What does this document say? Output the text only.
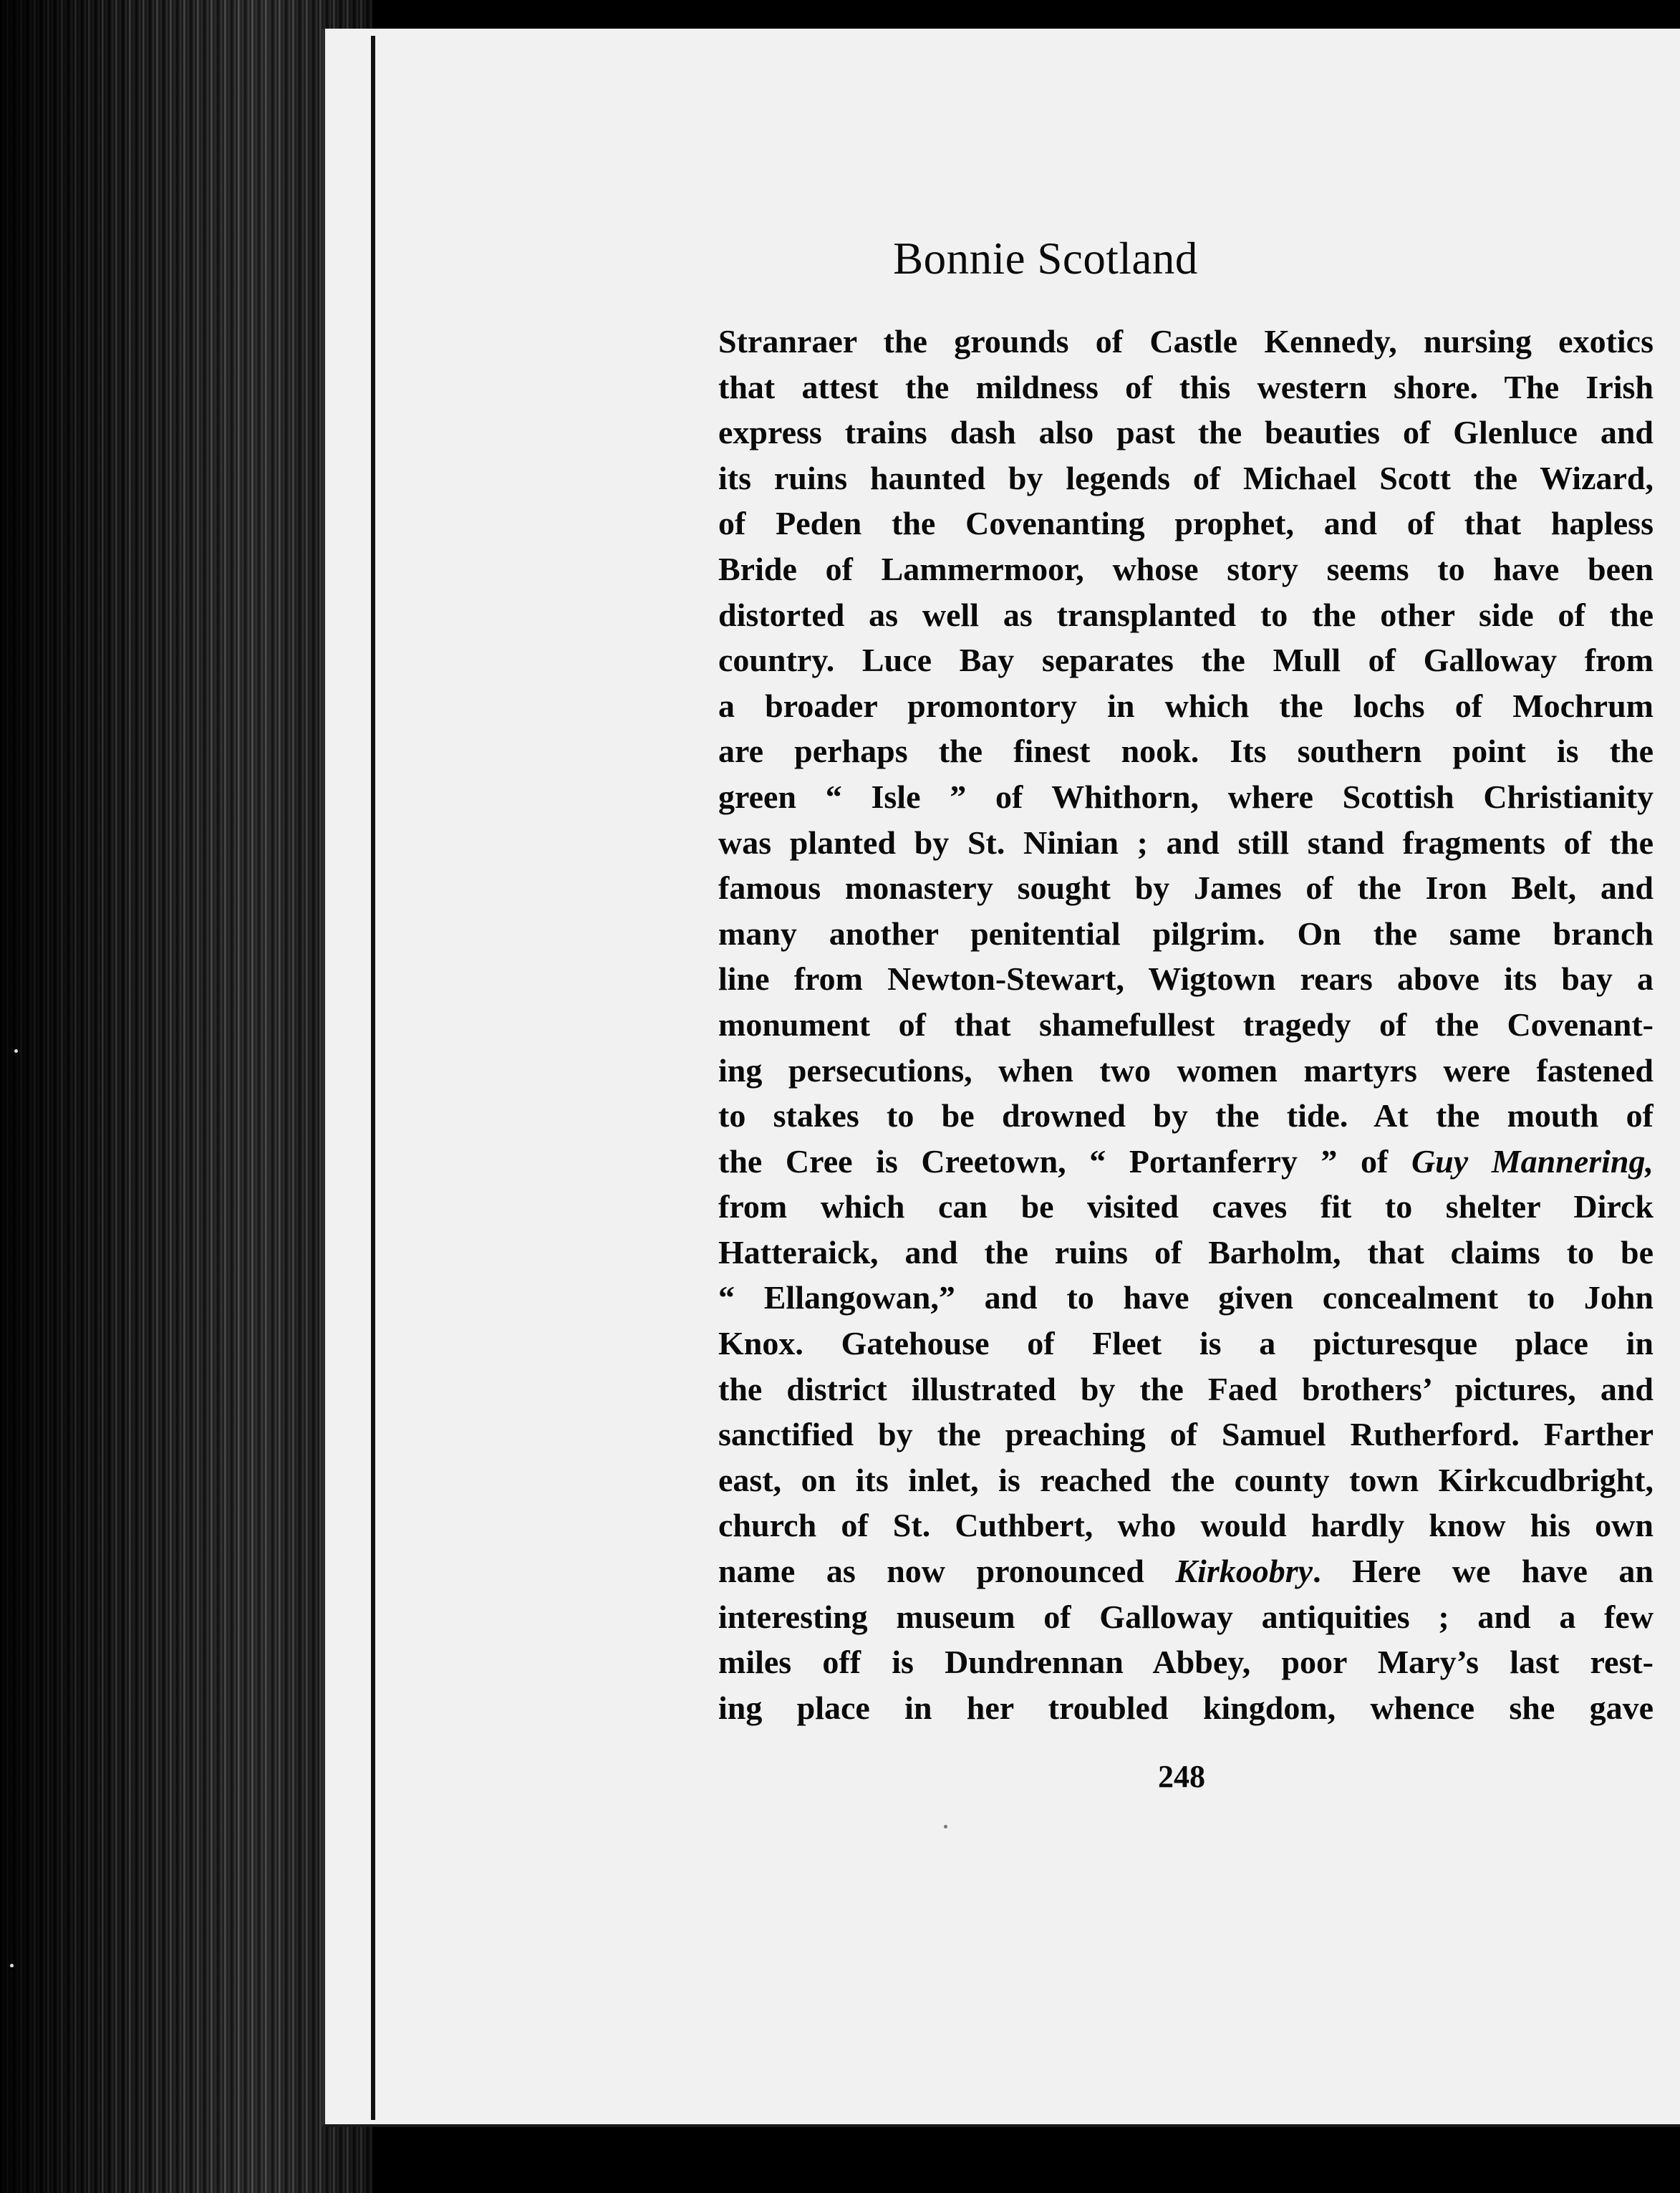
Bonnie Scotland
Stranraer the grounds of Castle Kennedy, nursing exotics
that attest the mildness of this western shore. The Irish
express trains dash also past the beauties of Glenluce and
its ruins haunted by legends of Michael Scott the Wizard,
of Peden the Covenanting prophet, and of that hapless
Bride of Lammermoor, whose story seems to have been
distorted as well as transplanted to the other side of the
country. Luce Bay separates the Mull of Galloway from
a broader promontory in which the lochs of Mochrum
are perhaps the finest nook. Its southern point is the
green “ Isle ” of Whithorn, where Scottish Christianity
was planted by St. Ninian ; and still stand fragments of the
famous monastery sought by James of the Iron Belt, and
many another penitential pilgrim. On the same branch
line from Newton-Stewart, Wigtown rears above its bay a
monument of that shamefullest tragedy of the Covenant-
ing persecutions, when two women martyrs were fastened
to stakes to be drowned by the tide. At the mouth of
the Cree is Creetown, “ Portanferry ” of Guy Mannering,
from which can be visited caves fit to shelter Dirck
Hatteraick, and the ruins of Barholm, that claims to be
“ Ellangowan,” and to have given concealment to John
Knox. Gatehouse of Fleet is a picturesque place in
the district illustrated by the Faed brothers’ pictures, and
sanctified by the preaching of Samuel Rutherford. Farther
east, on its inlet, is reached the county town Kirkcudbright,
church of St. Cuthbert, who would hardly know his own
name as now pronounced Kirkoobry. Here we have an
interesting museum of Galloway antiquities ; and a few
miles off is Dundrennan Abbey, poor Mary’s last rest-
ing place in her troubled kingdom, whence she gave
248
